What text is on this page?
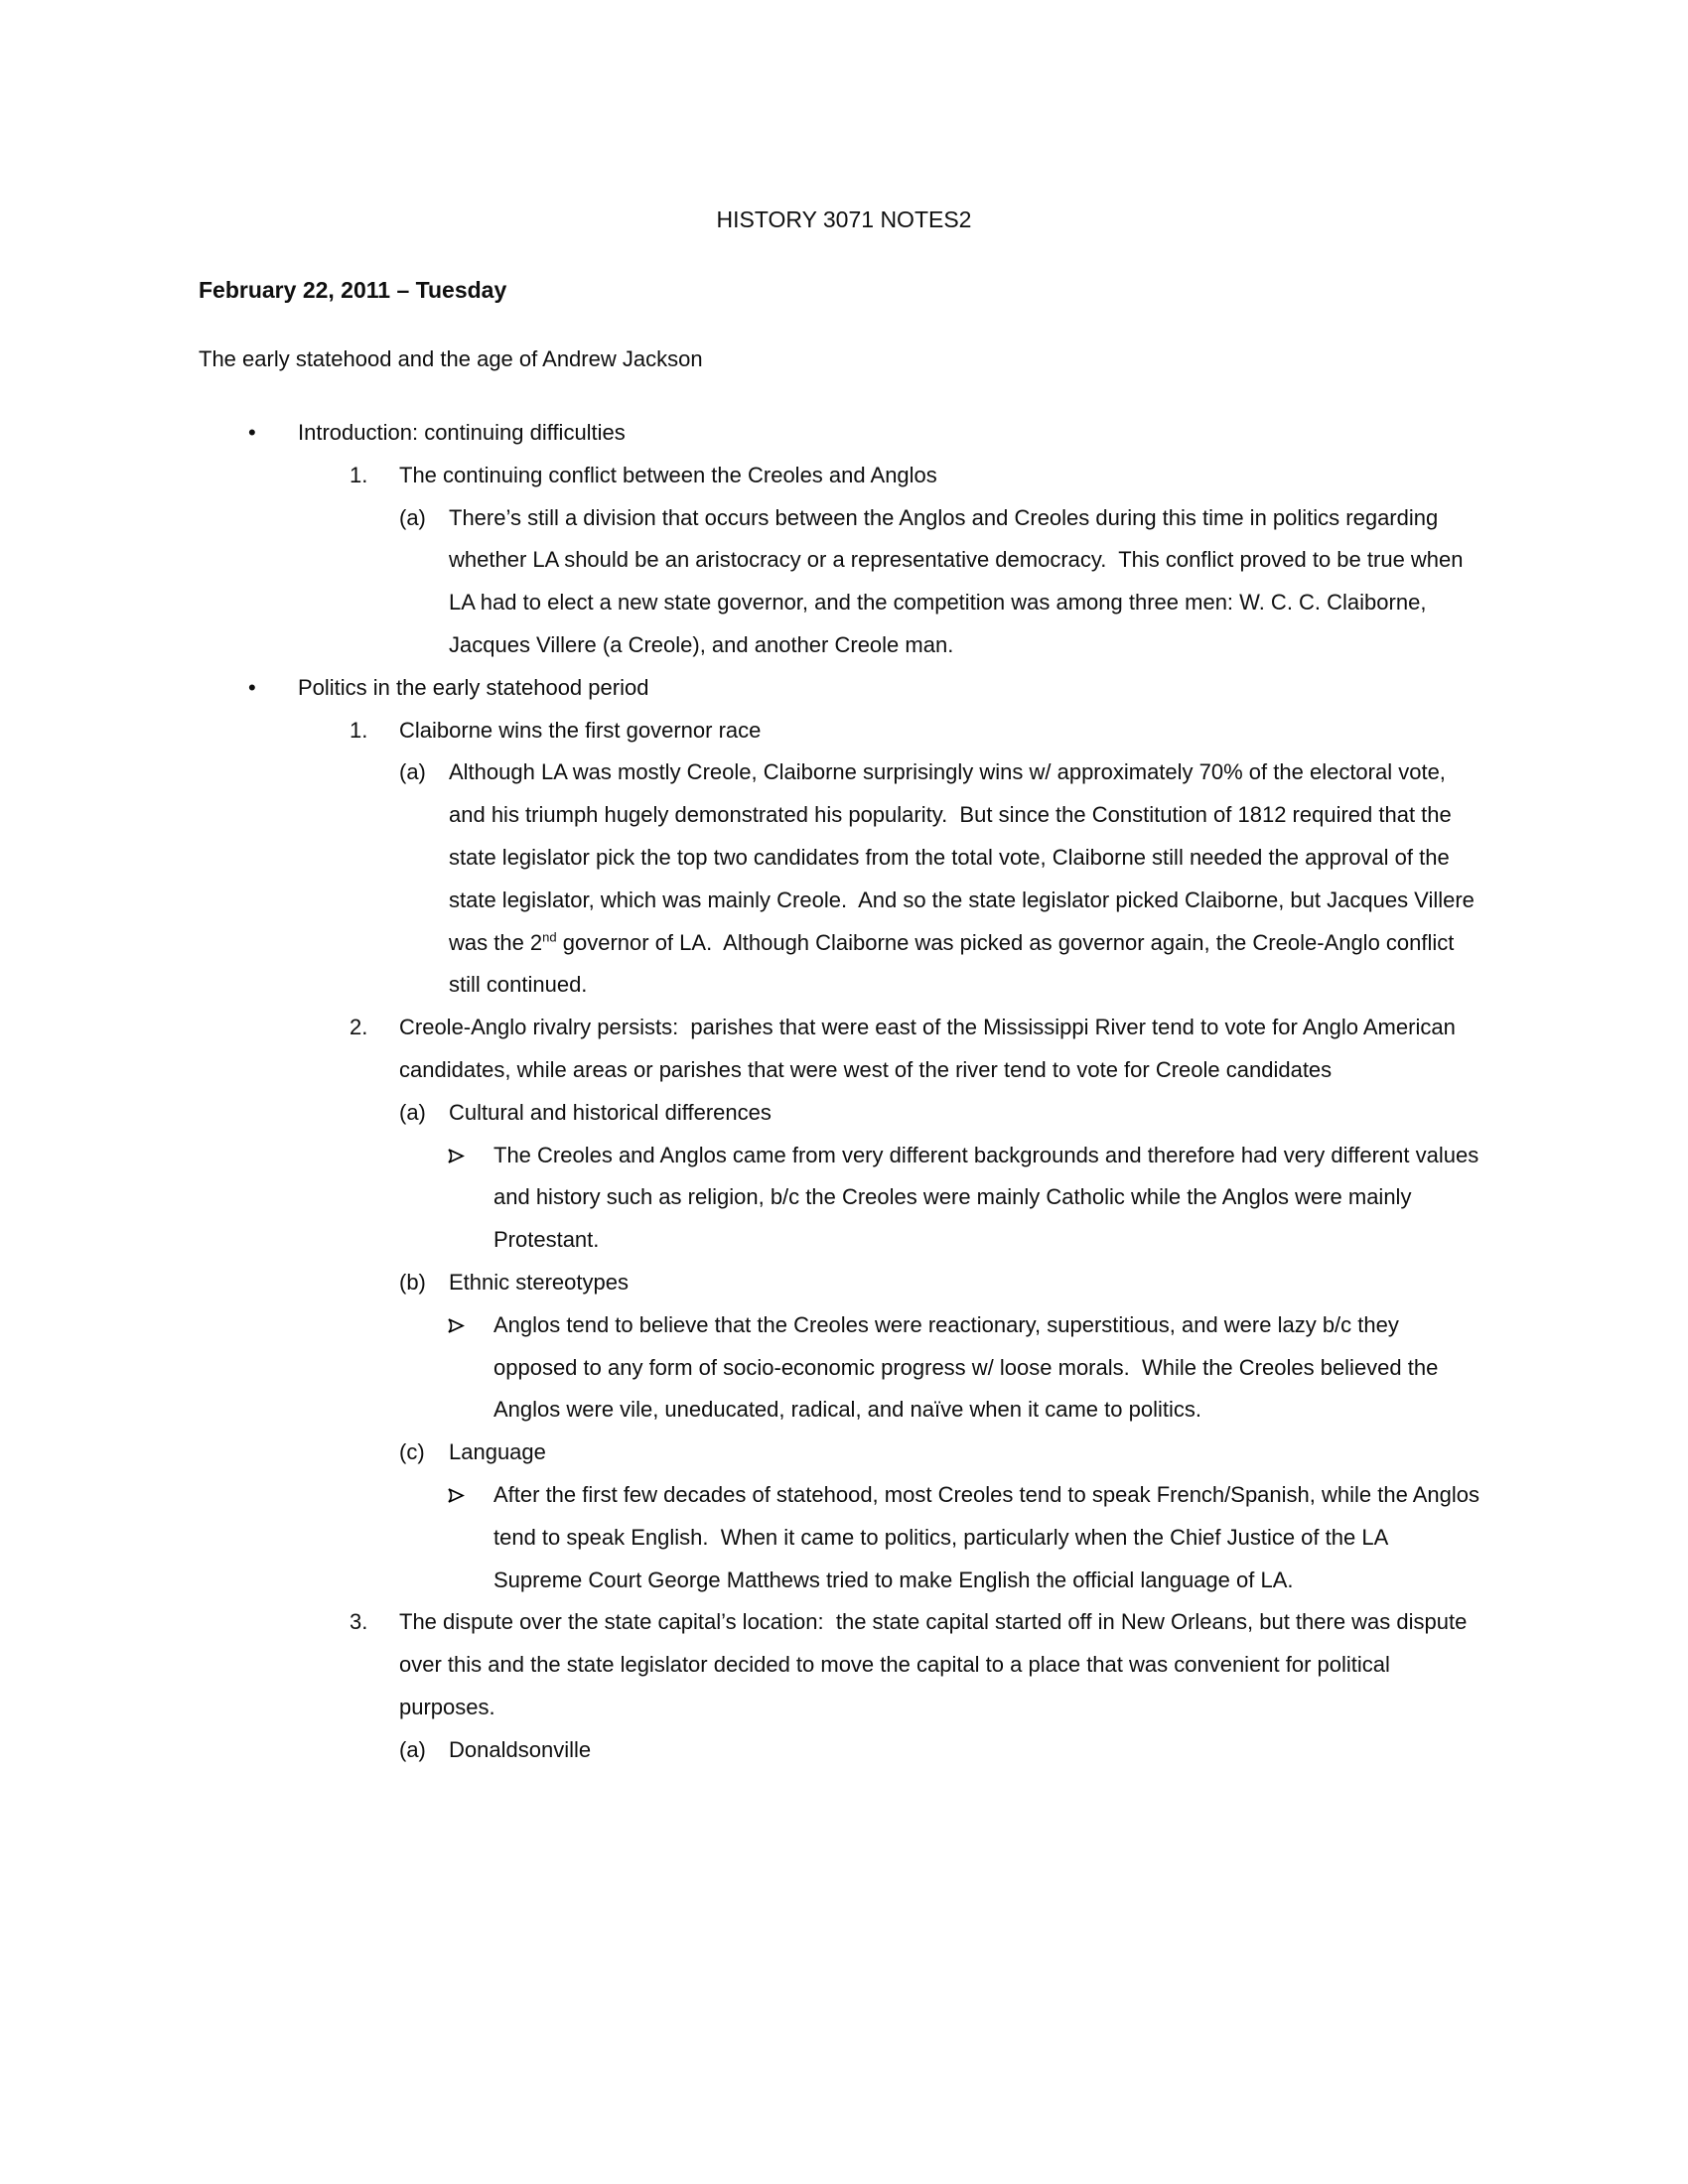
HISTORY 3071 NOTES2
February 22, 2011 – Tuesday
The early statehood and the age of Andrew Jackson
• Introduction: continuing difficulties
1. The continuing conflict between the Creoles and Anglos
(a) There’s still a division that occurs between the Anglos and Creoles during this time in politics regarding whether LA should be an aristocracy or a representative democracy.  This conflict proved to be true when LA had to elect a new state governor, and the competition was among three men: W. C. C. Claiborne, Jacques Villere (a Creole), and another Creole man.
• Politics in the early statehood period
1. Claiborne wins the first governor race
(a) Although LA was mostly Creole, Claiborne surprisingly wins w/ approximately 70% of the electoral vote, and his triumph hugely demonstrated his popularity.  But since the Constitution of 1812 required that the state legislator pick the top two candidates from the total vote, Claiborne still needed the approval of the state legislator, which was mainly Creole.  And so the state legislator picked Claiborne, but Jacques Villere was the 2nd governor of LA.  Although Claiborne was picked as governor again, the Creole-Anglo conflict still continued.
2. Creole-Anglo rivalry persists:  parishes that were east of the Mississippi River tend to vote for Anglo American candidates, while areas or parishes that were west of the river tend to vote for Creole candidates
(a) Cultural and historical differences
The Creoles and Anglos came from very different backgrounds and therefore had very different values and history such as religion, b/c the Creoles were mainly Catholic while the Anglos were mainly Protestant.
(b) Ethnic stereotypes
Anglos tend to believe that the Creoles were reactionary, superstitious, and were lazy b/c they opposed to any form of socio-economic progress w/ loose morals.  While the Creoles believed the Anglos were vile, uneducated, radical, and naïve when it came to politics.
(c) Language
After the first few decades of statehood, most Creoles tend to speak French/Spanish, while the Anglos tend to speak English.  When it came to politics, particularly when the Chief Justice of the LA Supreme Court George Matthews tried to make English the official language of LA.
3. The dispute over the state capital’s location:  the state capital started off in New Orleans, but there was dispute over this and the state legislator decided to move the capital to a place that was convenient for political purposes.
(a) Donaldsonville
